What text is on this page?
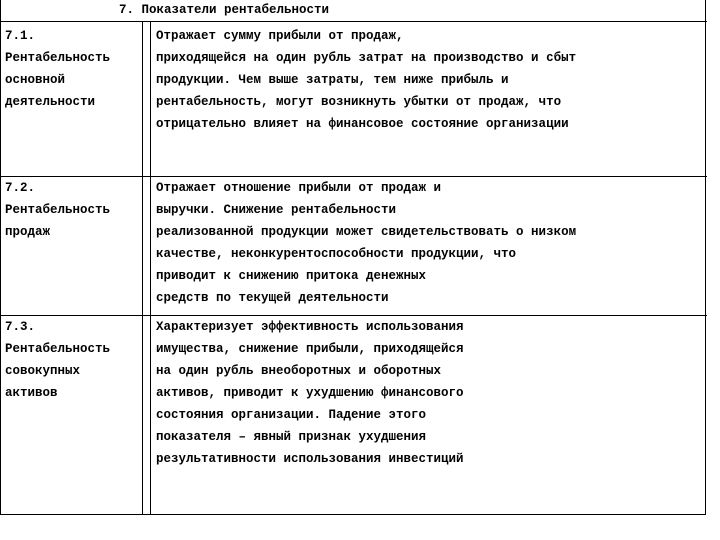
7. Показатели рентабельности
7.1.
Рентабельность
основной
деятельности
Отражает сумму прибыли от продаж,
приходящейся на один рубль затрат на производство и сбыт
продукции. Чем выше затраты, тем ниже прибыль и
рентабельность, могут возникнуть убытки от продаж, что
отрицательно влияет на финансовое состояние организации
7.2.
Рентабельность
продаж
Отражает отношение прибыли от продаж и
выручки. Снижение рентабельности
реализованной продукции может свидетельствовать о низком
качестве, неконкурентоспособности продукции, что
приводит к снижению притока денежных
средств по текущей деятельности
7.3.
Рентабельность
совокупных
активов
Характеризует эффективность использования
имущества, снижение прибыли, приходящейся
на один рубль внеоборотных и оборотных
активов, приводит к ухудшению финансового
состояния организации. Падение этого
показателя – явный признак ухудшения
результативности использования инвестиций
